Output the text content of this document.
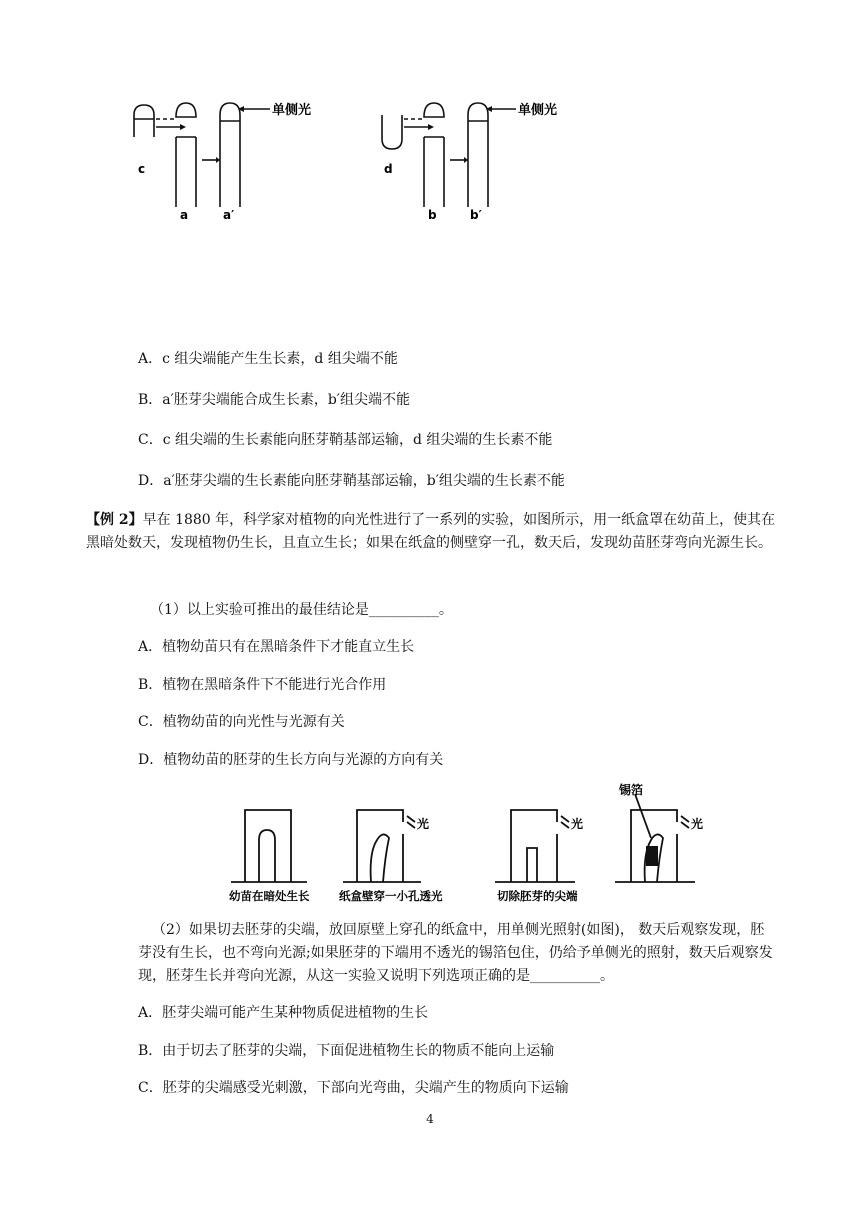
单侧光	单侧光
c
a	a′
d
b	b′
A．c 组尖端能产生生长素，d 组尖端不能
B．a′胚芽尖端能合成生长素，b′组尖端不能
C．c 组尖端的生长素能向胚芽鞘基部运输，d 组尖端的生长素不能
D．a′胚芽尖端的生长素能向胚芽鞘基部运输，b′组尖端的生长素不能
【例 2】早在 1880 年，科学家对植物的向光性进行了一系列的实验，如图所示，用一纸盒罩在幼苗上，使其在黑暗处数天，发现植物仍生长，且直立生长；如果在纸盒的侧壁穿一孔，数天后，发现幼苗胚芽弯向光源生长。
（1）以上实验可推出的最佳结论是__________。
A．植物幼苗只有在黑暗条件下才能直立生长
B．植物在黑暗条件下不能进行光合作用
C．植物幼苗的向光性与光源有关
D．植物幼苗的胚芽的生长方向与光源的方向有关
光	光	光
锡箔
幼苗在暗处生长	纸盒壁穿一小孔透光	切除胚芽的尖端
（2）如果切去胚芽的尖端，放回原壁上穿孔的纸盒中，用单侧光照射(如图)， 数天后观察发现，胚芽没有生长，也不弯向光源;如果胚芽的下端用不透光的锡箔包住，仍给予单侧光的照射，数天后观察发现，胚芽生长并弯向光源，从这一实验又说明下列选项正确的是__________。
A．胚芽尖端可能产生某种物质促进植物的生长
B．由于切去了胚芽的尖端，下面促进植物生长的物质不能向上运输
C．胚芽的尖端感受光刺激，下部向光弯曲，尖端产生的物质向下运输
4
